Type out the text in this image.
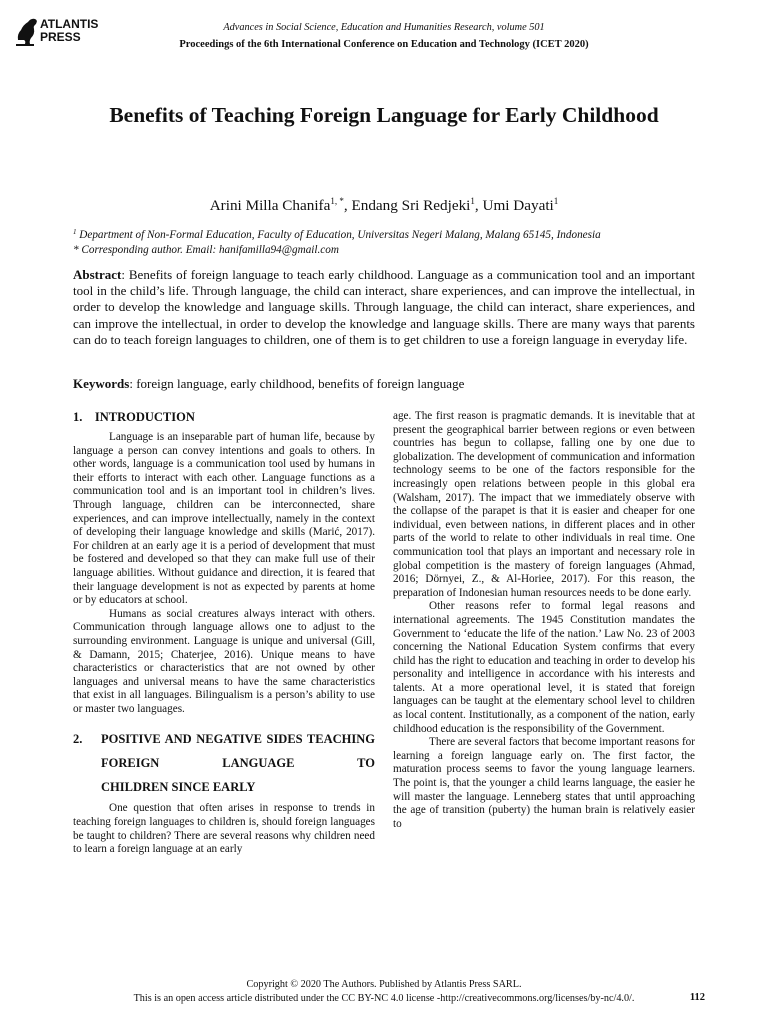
ATLANTIS
PRESS
Advances in Social Science, Education and Humanities Research, volume 501
Proceedings of the 6th International Conference on Education and Technology (ICET 2020)
Benefits of Teaching Foreign Language for Early Childhood
Arini Milla Chanifa$^{1, *}$, Endang Sri Redjeki$^1$, Umi Dayati$^1$
$^1$ Department of Non-Formal Education, Faculty of Education, Universitas Negeri Malang, Malang 65145, Indonesia
* Corresponding author. Email: hanifamilla94@gmail.com
Abstract: Benefits of foreign language to teach early childhood. Language as a communication tool and an important tool in the child’s life. Through language, the child can interact, share experiences, and can improve the intellectual, in order to develop the knowledge and language skills. Through language, the child can interact, share experiences, and can improve the intellectual, in order to develop the knowledge and language skills. There are many ways that parents can do to teach foreign languages to children, one of them is to get children to use a foreign language in everyday life.
Keywords: foreign language, early childhood, benefits of foreign language
1. INTRODUCTION

Language is an inseparable part of human life, because by language a person can convey intentions and goals to others. In other words, language is a communication tool used by humans in their efforts to interact with each other. Language functions as a communication tool and is an important tool in children’s lives. Through language, children can be interconnected, share experiences, and can improve intellectually, namely in the context of developing their language knowledge and skills (Marić, 2017). For children at an early age it is a period of development that must be fostered and developed so that they can make full use of their language abilities. Without guidance and direction, it is feared that their language development is not as expected by parents at home or by educators at school.

Humans as social creatures always interact with others. Communication through language allows one to adjust to the surrounding environment. Language is unique and universal (Gill, & Damann, 2015; Chaterjee, 2016). Unique means to have characteristics or characteristics that are not owned by other languages and universal means to have the same characteristics that exist in all languages. Bilingualism is a person’s ability to use or master two languages.

2.	POSITIVE AND NEGATIVE SIDES TEACHING FOREIGN LANGUAGE TO
CHILDREN SINCE EARLY

One question that often arises in response to trends in teaching foreign languages to children is, should foreign languages be taught to children? There are several reasons why children need to learn a foreign language at an early

age. The first reason is pragmatic demands. It is inevitable that at present the geographical barrier between regions or even between countries has begun to collapse, falling one by one due to globalization. The development of communication and information technology seems to be one of the factors responsible for the increasingly open relations between people in this global era (Walsham, 2017). The impact that we immediately observe with the collapse of the parapet is that it is easier and cheaper for one individual, even between nations, in different places and in other parts of the world to relate to other individuals in real time. One communication tool that plays an important and necessary role in global competition is the mastery of foreign languages (Ahmad, 2016; Dörnyei, Z., & Al-Horiee, 2017). For this reason, the preparation of Indonesian human resources needs to be done early.

Other reasons refer to formal legal reasons and international agreements. The 1945 Constitution mandates the Government to ‘educate the life of the nation.’ Law No. 23 of 2003 concerning the National Education System confirms that every child has the right to education and teaching in order to develop his personality and intelligence in accordance with his interests and talents. At a more operational level, it is stated that foreign languages can be taught at the elementary school level to children as local content. Institutionally, as a component of the nation, early childhood education is the responsibility of the Government.

There are several factors that become important reasons for learning a foreign language early on. The first factor, the maturation process seems to favor the young language learners. The point is, that the younger a child learns language, the easier he will master the language. Lenneberg states that until approaching the age of transition (puberty) the human brain is relatively easier to

Copyright © 2020 The Authors. Published by Atlantis Press SARL.
This is an open access article distributed under the CC BY-NC 4.0 license -http://creativecommons.org/licenses/by-nc/4.0/.	112
